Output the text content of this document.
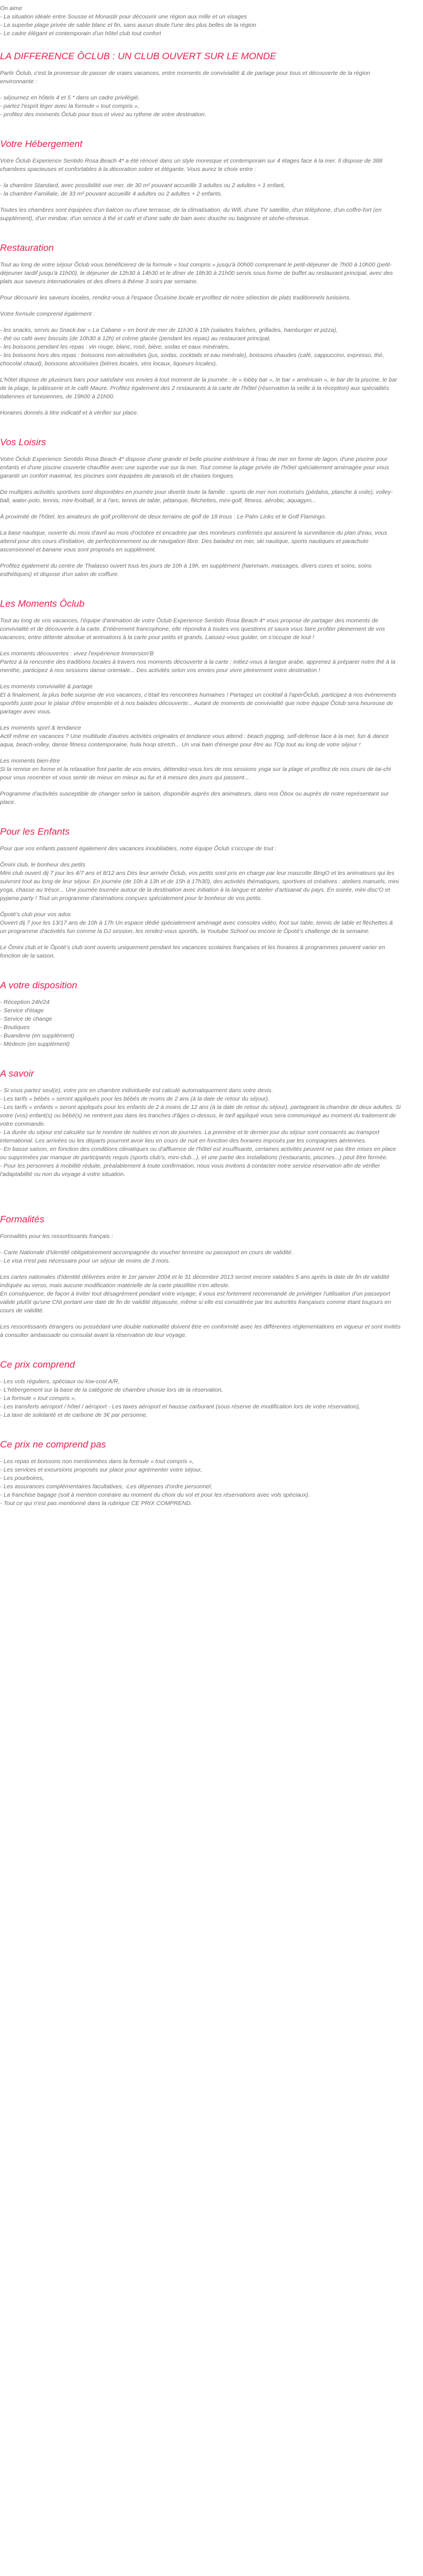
On aime
- La situation idéale entre Sousse et Monastir pour découvrir une région aux mille et un visages
- La superbe plage privée de sable blanc et fin, sans aucun doute l'une des plus belles de la région
- Le cadre élégant et contemporain d'un hôtel club tout confort
LA DIFFERENCE ÔCLUB : UN CLUB OUVERT SUR LE MONDE

Partir Ôclub, c'est la promesse de passer de vraies vacances, entre moments de convivialité & de partage pour tous et découverte de la région environnante :

- séjournez en hôtels 4 et 5 * dans un cadre privilégié,
- partez l'esprit léger avec la formule « tout compris »,
- profitez des moments Ôclub pour tous et vivez au rythme de votre destination.
Votre Hébergement

Votre Ôclub Experience Sentido Rosa Beach 4* a été rénové dans un style moresque et contemporain sur 4 étages face à la mer. Il dispose de 388 chambres spacieuses et confortables à la décoration sobre et élégante. Vous aurez le choix entre :

- la chambre Standard, avec possibilité vue mer, de 30 m² pouvant accueillir 3 adultes ou 2 adultes + 1 enfant,
- la chambre Familiale, de 33 m² pouvant accueillir 4 adultes ou 2 adultes + 2 enfants.

Toutes les chambres sont équipées d'un balcon ou d'une terrasse, de la climatisation, du Wifi, d'une TV satellite, d'un téléphone, d'un coffre-fort (en supplément), d'un minibar, d'un service à thé et café et d'une salle de bain avec douche ou baignoire et sèche-cheveux.

Restauration

Tout au long de votre séjour Ôclub vous bénéficierez de la formule « tout compris » jusqu'à 00h00 comprenant le petit-déjeuner de 7h00 à 10h00 (petit-déjeuner tardif jusqu'à 11h00), le déjeuner de 12h30 à 14h30 et le dîner de 18h30 à 21h00 servis sous forme de buffet au restaurant principal, avec des plats aux saveurs internationales et des dîners à thème 3 soirs par semaine.

Pour découvrir les saveurs locales, rendez-vous à l'espace Ôcuisine locale et profitez de notre sélection de plats traditionnels tunisiens.

Votre formule comprend également :

- les snacks, servis au Snack-bar « La Cabane » en bord de mer de 11h30 à 15h (salades fraîches, grillades, hamburger et pizza),
- thé ou café avec biscuits (de 10h30 à 12h) et crème glacée (pendant les repas) au restaurant principal,
- les boissons pendant les repas : vin rouge, blanc, rosé, bière, sodas et eaux minérales,
- les boissons hors des repas : boissons non-alcoolisées (jus, sodas, cocktails et eau minérale), boissons chaudes (café, cappuccino, expresso, thé, chocolat chaud), boissons alcoolisées (bières locales, vins locaux, liqueurs locales).

L'hôtel dispose de plusieurs bars pour satisfaire vos envies à tout moment de la journée : le « lobby bar », le bar « américain », le bar de la piscine, le bar de la plage, la pâtisserie et le café Maure. Profitez également des 2 restaurants à la carte de l'hôtel (réservation la veille à la réception) aux spécialités italiennes et tunisiennes, de 19h00 à 21h00.

Horaires donnés à titre indicatif et à vérifier sur place.

Vos Loisirs

Votre Ôclub Experience Sentido Rosa Beach 4* dispose d'une grande et belle piscine extérieure à l'eau de mer en forme de lagon, d'une piscine pour enfants et d'une piscine couverte chauffée avec une superbe vue sur la mer. Tout comme la plage privée de l'hôtel spécialement aménagée pour vous garantir un confort maximal, les piscines sont équipées de parasols et de chaises longues.

De multiples activités sportives sont disponibles en journée pour divertir toute la famille : sports de mer non motorisés (pédalos, planche à voile), volley-ball, water-polo, tennis, mini-football, tir à l'arc, tennis de table, pétanque, fléchettes, mini-golf, fitness, aérobic, aquagym...

À proximité de l'hôtel, les amateurs de golf profiteront de deux terrains de golf de 18 trous : Le Palm Links et le Golf Flamingo.

La base nautique, ouverte du mois d'avril au mois d'octobre et encadrée par des moniteurs confirmés qui assurent la surveillance du plan d'eau, vous attend pour des cours d'initiation, de perfectionnement ou de navigation libre. Des baladez en mer, ski nautique, sports nautiques et parachute ascensionnel et banane vous sont proposés en supplément.

Profitez également du centre de Thalasso ouvert tous les jours de 10h à 19h, en supplément (hammam, massages, divers cures et soins, soins esthétiques) et dispose d'un salon de coiffure.

Les Moments Ôclub

Tout au long de vos vacances, l'équipe d'animation de votre Ôclub Experience Sentido Rosa Beach 4* vous propose de partager des moments de convivialité et de découverte à la carte. Entièrement francophone, elle répondra à toutes vos questions et saura vous faire profiter pleinement de vos vacances, entre détente absolue et animations à la carte pour petits et grands. Laissez-vous guider, on s'occupe de tout !

Les moments découvertes : vivez l'expérience Immersion'B
Partez à la rencontre des traditions locales à travers nos moments découverte à la carte : initiez-vous à langue arabe, apprenez à préparer notre thé à la menthe, participez à nos sessions danse orientale... Des activités selon vos envies pour vivre pleinement votre destination !

Les moments convivialité & partage
Et à finalement, la plus belle surprise de vos vacances, c'était les rencontres humaines ! Partagez un cocktail à l'apérÔclub, participez à nos évènements sportifs juste pour le plaisir d'être ensemble et à nos balades découverte... Autant de moments de convivialité que notre équipe Ôclub sera heureuse de partager avec vous.

Les moments sport & tendance
Actif même en vacances ? Une multitude d'autres activités originales et tendance vous attend : beach jogging, self-defense face à la mer, fun & dance aqua, beach-volley, danse fitness contemporaine, hula hoop stretch... Un vrai bain d'énergie pour être au TOp tout au long de votre séjour !

Les moments bien-être
Si la remise en forme et la relaxation font partie de vos envies, détendez-vous lors de nos sessions yoga sur la plage et profitez de nos cours de tai-chi pour vous recentrer et vous sentir de mieux en mieux au fur et à mesure des jours qui passent...

Programme d'activités susceptible de changer selon la saison, disponible auprès des animateurs, dans nos Ôbox ou auprès de notre représentant sur place.

Pour les Enfants

Pour que vos enfants passent également des vacances inoubliables, notre équipe Ôclub s'occupe de tout :

Ômini club, le bonheur des petits
Mini club ouvert dij 7 jour les 4/7 ans et 8/12 ans Dès leur arrivée Ôclub, vos petits sont pris en charge par leur mascotte BingO et les animateurs qui les suivront tout au long de leur séjour. En journée (de 10h à 13h et de 15h à 17h30), des activités thématiques, sportives et créatives : ateliers manuels, mini yoga, chasse au trésor... Une journée tournée autour de la destination avec initiation à la langue et atelier d'artisanat du pays. En soirée, mini disc'O et pyjama party ! Tout un programme d'animations conçues spécialement pour le bonheur de vos petits.

Ôpoté's club pour vos ados
Ouvert dij 7 jour les 13/17 ans de 10h à 17h Un espace dédié spécialement aménagé avec consoles vidéo, foot sur table, tennis de table et fléchettes & un programme d'activités fun comme la DJ session, les rendez-vous sportifs, la Youtube School ou encore le Ôpoté's challenge de la semaine.

Le Ômini club et le Ôpoté's club sont ouverts uniquement pendant les vacances scolaires françaises et les horaires & programmes peuvent varier en fonction de la saison.

A votre disposition
- Réception 24h/24
- Service d'étage
- Service de change
- Boutiques
- Buanderie (en supplément)
- Médecin (en supplément)
A savoir
- Si vous partez seul(e), votre prix en chambre individuelle est calculé automatiquement dans votre devis.
- Les tarifs « bébés » seront appliqués pour les bébés de moins de 2 ans (à la date de retour du séjour).
- Les tarifs « enfants » seront appliqués pour les enfants de 2 à moins de 12 ans (à la date de retour du séjour), partageant la chambre de deux adultes. Si votre (vos) enfant(s) ou bébé(s) ne rentrent pas dans les tranches d'âges ci-dessus, le tarif appliqué vous sera communiqué au moment du traitement de votre commande.
- La durée du séjour est calculée sur le nombre de nuitées et non de journées. La première et le dernier jour du séjour sont consacrés au transport international. Les arrivées ou les départs pourront avoir lieu en cours de nuit en fonction des horaires imposés par les compagnies aériennes.
- En basse saison, en fonction des conditions climatiques ou d'affluence de l'hôtel est insuffisante, certaines activités peuvent ne pas être mises en place ou supprimées par manque de participants requis (sports club's, mini-club...), et une partie des installations (restaurants, piscines...) peut être fermée.
- Pour les personnes à mobilité réduite, préalablement à toute confirmation, nous vous invitons à contacter notre service réservation afin de vérifier l'adaptabilité ou non du voyage à votre situation.
Formalités

Formalités pour les ressortissants français :

- Carte Nationale d'Identité obligatoirement accompagnée du voucher terrestre ou passeport en cours de validité.
- Le visa n'est pas nécessaire pour un séjour de moins de 3 mois.

Les cartes nationales d'identité délivrées entre le 1er janvier 2004 et le 31 décembre 2013 seront encore valables 5 ans après la date de fin de validité indiquée au verso, mais aucune modification matérielle de la carte plastifiée n'en atteste.
En conséquence, de façon à éviter tout désagrément pendant votre voyage, il vous est fortement recommandé de privilégier l'utilisation d'un passeport valide plutôt qu'une CNI portant une date de fin de validité dépassée, même si elle est considérée par les autorités françaises comme étant toujours en cours de validité.

Les ressortissants étrangers ou possédant une double nationalité doivent être en conformité avec les différentes réglementations en vigueur et sont invités à consulter ambassade ou consulat avant la réservation de leur voyage.

Ce prix comprend
- Les vols réguliers, spéciaux ou low-cost A/R,
- L'hébergement sur la base de la catégorie de chambre choisie lors de la réservation,
- La formule « tout compris »,
- Les transferts aéroport / hôtel / aéroport - Les taxes aéroport et hausse carburant (sous réserve de modification lors de votre réservation),
- La taxe de solidarité et de carbone de 3€ par personne,
Ce prix ne comprend pas
- Les repas et boissons non mentionnées dans la formule « tout compris »,
- Les services et excursions proposés sur place pour agrémenter votre séjour,
- Les pourboires,
- Les assurances complémentaires facultatives, -Les dépenses d'ordre personnel,
- La franchise bagage (soit à mention contraire au moment du choix du vol et pour les réservations avec vols spéciaux).
- Tout ce qui n'est pas mentionné dans la rubrique CE PRIX COMPREND.
